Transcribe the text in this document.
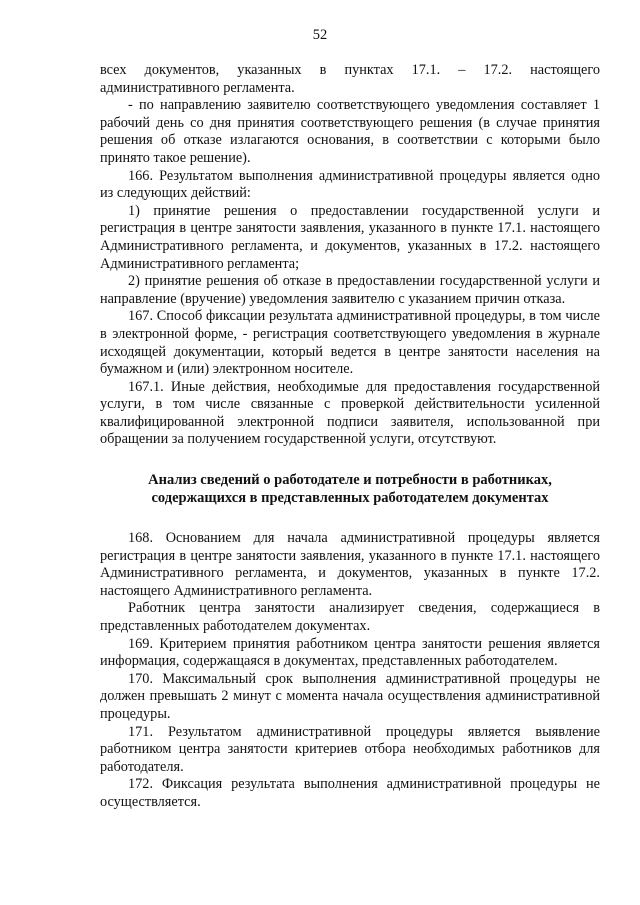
52

всех документов, указанных в пунктах 17.1. – 17.2. настоящего административного регламента.

- по направлению заявителю соответствующего уведомления составляет 1 рабочий день со дня принятия соответствующего решения (в случае принятия решения об отказе излагаются основания, в соответствии с которыми было принято такое решение).

166. Результатом выполнения административной процедуры является одно из следующих действий:

1) принятие решения о предоставлении государственной услуги и регистрация в центре занятости заявления, указанного в пункте 17.1. настоящего Административного регламента, и документов, указанных в 17.2. настоящего Административного регламента;

2) принятие решения об отказе в предоставлении государственной услуги и направление (вручение) уведомления заявителю с указанием причин отказа.

167. Способ фиксации результата административной процедуры, в том числе в электронной форме, - регистрация соответствующего уведомления в журнале исходящей документации, который ведется в центре занятости населения на бумажном и (или) электронном носителе.

167.1. Иные действия, необходимые для предоставления государственной услуги, в том числе связанные с проверкой действительности усиленной квалифицированной электронной подписи заявителя, использованной при обращении за получением государственной услуги, отсутствуют.

Анализ сведений о работодателе и потребности в работниках, содержащихся в представленных работодателем документах

168. Основанием для начала административной процедуры является регистрация в центре занятости заявления, указанного в пункте 17.1. настоящего Административного регламента, и документов, указанных в пункте 17.2. настоящего Административного регламента.

Работник центра занятости анализирует сведения, содержащиеся в представленных работодателем документах.

169. Критерием принятия работником центра занятости решения является информация, содержащаяся в документах, представленных работодателем.

170. Максимальный срок выполнения административной процедуры не должен превышать 2 минут с момента начала осуществления административной процедуры.

171. Результатом административной процедуры является выявление работником центра занятости критериев отбора необходимых работников для работодателя.

172. Фиксация результата выполнения административной процедуры не осуществляется.
